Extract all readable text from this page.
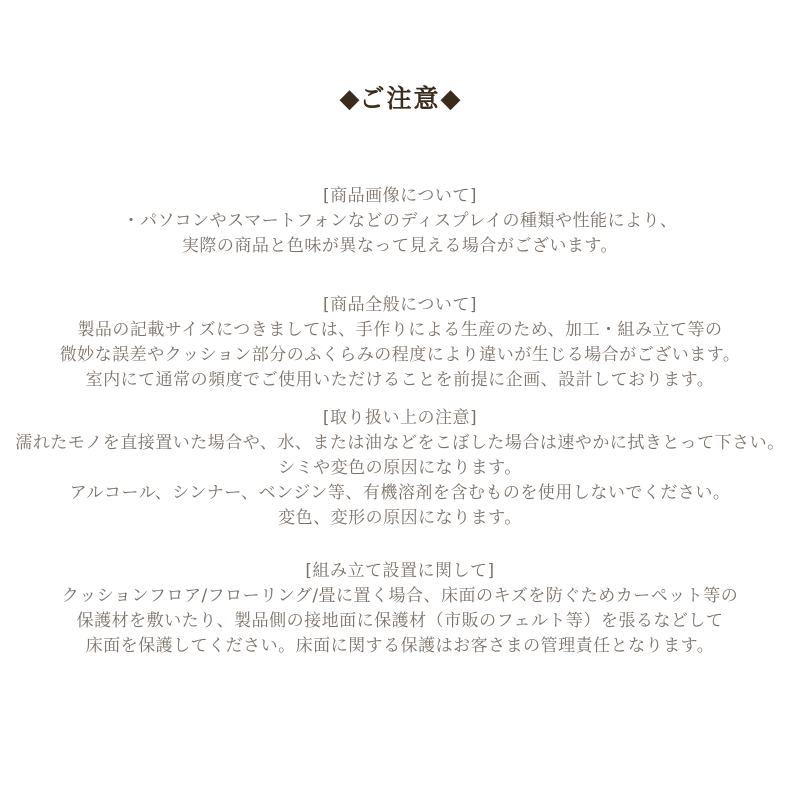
◆ご注意◆

[商品画像について]

・パソコンやスマートフォンなどのディスプレイの種類や性能により、

実際の商品と色味が異なって見える場合がございます。

[商品全般について]

製品の記載サイズにつきましては、手作りによる生産のため、加工・組み立て等の

微妙な誤差やクッション部分のふくらみの程度により違いが生じる場合がございます。

室内にて通常の頻度でご使用いただけることを前提に企画、設計しております。

[取り扱い上の注意]

濡れたモノを直接置いた場合や、水、または油などをこぼした場合は速やかに拭きとって下さい。

シミや変色の原因になります。

アルコール、シンナー、ベンジン等、有機溶剤を含むものを使用しないでください。

変色、変形の原因になります。

[組み立て設置に関して]

クッションフロア/フローリング/畳に置く場合、床面のキズを防ぐためカーペット等の

保護材を敷いたり、製品側の接地面に保護材（市販のフェルト等）を張るなどして

床面を保護してください。床面に関する保護はお客さまの管理責任となります。
